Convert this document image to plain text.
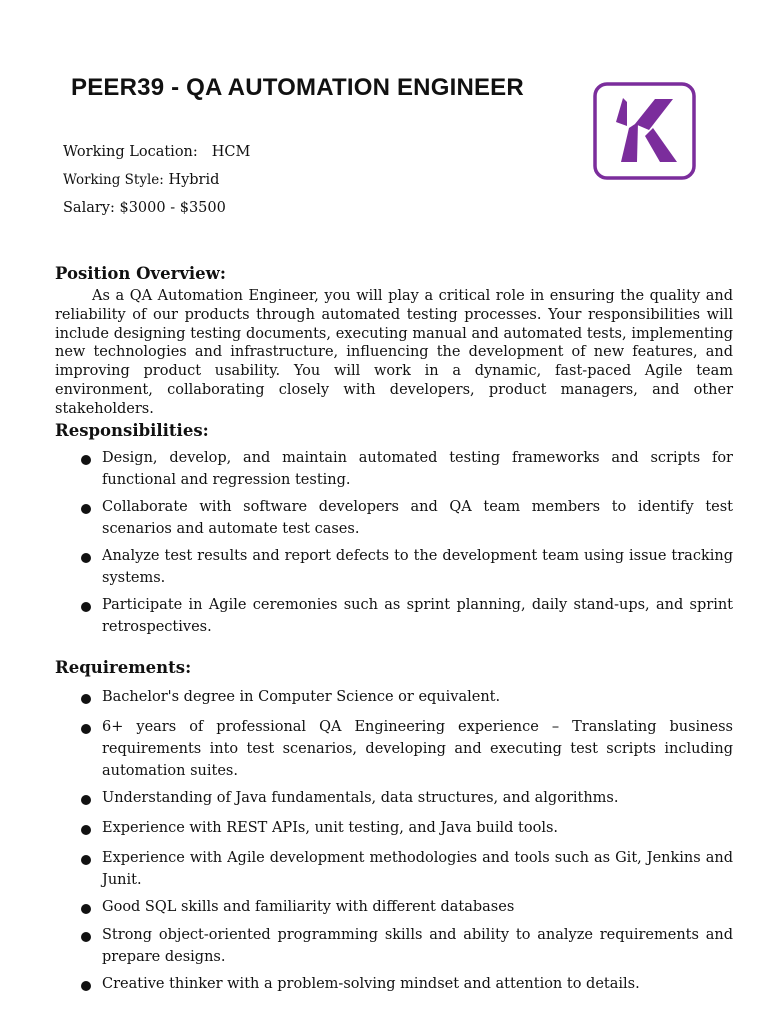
PEER39 - QA AUTOMATION ENGINEER
Working Location: HCM
Working Style: Hybrid
Salary: $3000 - $3500
Position Overview:

As a QA Automation Engineer, you will play a critical role in ensuring the quality and reliability of our products through automated testing processes. Your responsibilities will include designing testing documents, executing manual and automated tests, implementing new technologies and infrastructure, influencing the development of new features, and improving product usability. You will work in a dynamic, fast-paced Agile team environment, collaborating closely with developers, product managers, and other stakeholders.

Responsibilities:
Design, develop, and maintain automated testing frameworks and scripts for functional and regression testing.
Collaborate with software developers and QA team members to identify test scenarios and automate test cases.
Analyze test results and report defects to the development team using issue tracking systems.
Participate in Agile ceremonies such as sprint planning, daily stand-ups, and sprint retrospectives.
Requirements:
Bachelor's degree in Computer Science or equivalent.
6+ years of professional QA Engineering experience – Translating business requirements into test scenarios, developing and executing test scripts including automation suites.
Understanding of Java fundamentals, data structures, and algorithms.
Experience with REST APIs, unit testing, and Java build tools.
Experience with Agile development methodologies and tools such as Git, Jenkins and Junit.
Good SQL skills and familiarity with different databases
Strong object-oriented programming skills and ability to analyze requirements and prepare designs.
Creative thinker with a problem-solving mindset and attention to details.
